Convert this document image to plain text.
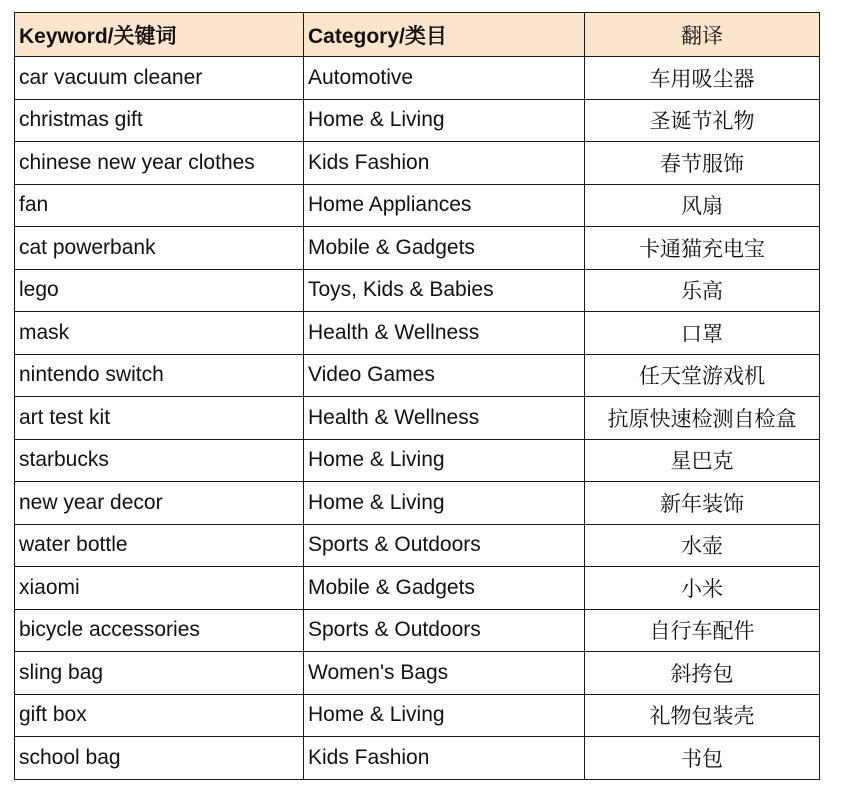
Keyword/关键词	Category/类目	翻译
car vacuum cleaner	Automotive	车用吸尘器
christmas gift	Home & Living	圣诞节礼物
chinese new year clothes	Kids Fashion	春节服饰
fan	Home Appliances	风扇
cat powerbank	Mobile & Gadgets	卡通猫充电宝
lego	Toys, Kids & Babies	乐高
mask	Health & Wellness	口罩
nintendo switch	Video Games	任天堂游戏机
art test kit	Health & Wellness	抗原快速检测自检盒
starbucks	Home & Living	星巴克
new year decor	Home & Living	新年装饰
water bottle	Sports & Outdoors	水壶
xiaomi	Mobile & Gadgets	小米
bicycle accessories	Sports & Outdoors	自行车配件
sling bag	Women's Bags	斜挎包
gift box	Home & Living	礼物包装壳
school bag	Kids Fashion	书包
